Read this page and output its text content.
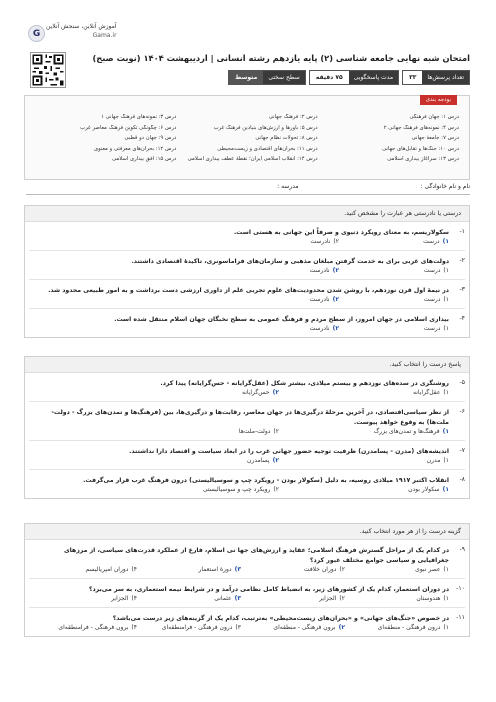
G
آموزش آنلاین، سنجش آنلاین
Gama.ir
امتحان شبه نهایی جامعه شناسی (۲) پایه یازدهم رشته انسانی | اردیبهشت ۱۴۰۴ (نوبت صبح)
تعداد پرسش‌ها
۳۳
مدت پاسخگویی
۷۵ دقیقه
سطح سختی
متوسط
بودجه بندی
درس ۱: جهان فرهنگی
درس ۲: فرهنگ جهانی
درس ۳: نمونه‌های فرهنگ جهانی ۱
درس ۴: نمونه‌های فرهنگ جهانی ۲
درس ۵: باورها و ارزش‌های بنیادین فرهنگ غرب
درس ۶: چگونگی تکوین فرهنگ معاصر غرب
درس ۷: جامعهٔ جهانی
درس ۸: تحولات نظام جهانی
درس ۹: جهان دو قطبی
درس ۱۰: جنگ‌ها و تقابل‌های جهانی
درس ۱۱: بحران‌های اقتصادی و زیست‌محیطی
درس ۱۲: بحران‌های معرفتی و معنوی
درس ۱۳: سرآغاز بیداری اسلامی
درس ۱۴: انقلاب اسلامی ایران؛ نقطهٔ عطف بیداری اسلامی
درس ۱۵: افق بیداری اسلامی
نام و نام خانوادگی : مدرسه :
درستی یا نادرستی هر عبارت را مشخص کنید.
-۱
سکولاریسم، به معنای رویکرد دنیوی و صرفاً این جهانی به هستی است.
۱)
درست
۲)
نادرست
-۲
دولت‌های غربی برای به خدمت گرفتن مبلغان مذهبی و سازمان‌های فراماسونری، تاکیدهٔ اقتصادی داشتند.
۱)
درست
۲)
نادرست
-۳
در نیمهٔ اول قرن نوزدهم، با روشن شدن محدودیت‌های علوم تجربی علم از داوری ارزشی دست برداشت و به امور طبیعی محدود شد.
۱)
درست
۲)
نادرست
-۴
بیداری اسلامی در جهان امروز، از سطح مردم و فرهنگ عمومی به سطح نخبگان جهان اسلام منتقل شده است.
۱)
درست
۲)
نادرست
پاسخ درست را انتخاب کنید.
-۵
روشنگری در سده‌های نوزدهم و بیستم میلادی، بیشتر شکل (عقل‌گرایانه - حس‌گرایانه) پیدا کرد.
۱)
عقل‌گرایانه
۲)
حس‌گرایانه
-۶
از نظر سیاسی‌اقتصادی، در آخرین مرحلهٔ درگیری‌ها در جهان معاصر، رقابت‌ها و درگیری‌ها، بین (فرهنگ‌ها و تمدن‌های بزرگ - دولت-ملت‌ها) به وقوع خواهد پیوست.
۱)
فرهنگ‌ها و تمدن‌های بزرگ
۲)
دولت-ملت‌ها
-۷
اندیشه‌های (مدرن - پسامدرن) ظرفیت توجیه حضور جهانی غرب را در ابعاد سیاست و اقتصاد دارا نداشتند.
۱)
مدرن
۲)
پسامدرن
-۸
انقلاب اکتبر ۱۹۱۷ میلادی روسیه، به دلیل (سکولار بودن - رویکرد چپ و سوسیالیستی) درون فرهنگ غرب قرار می‌گرفت.
۱)
سکولار بودن
۲)
رویکرد چپ و سوسیالیستی
گزینه درست را از هر مورد انتخاب کنید.
-۹
در کدام یک از مراحل گسترش فرهنگ اسلامی؛ عقاید و ارزش‌های جها نی اسلام، فارغ از عملکرد قدرت‌های سیاسی، از مرزهای جغرافیایی و سیاسی جوامع مختلف عبور کرد؟
۱)
عصر نبوی
۲)
دوران خلافت
۳)
دورهٔ استعمار
۴)
دوران امپریالیسم
-۱۰
در دوران استعمار، کدام یک از کشورهای زیر، به انضباط کامل نظامی درآمد و در شرایط نیمه استعماری، به سر می‌برد؟
۱)
هندوستان
۲)
الجزایر
۳)
عثمانی
۴)
الجزایر
-۱۱
در خصوص «جنگ‌های جهانی» و «بحران‌های زیست‌محیطی» به‌ترتیب، کدام یک از گزینه‌های زیر درست می‌باشد؟
۱)
درون فرهنگی - منطقه‌ای
۲)
برون فرهنگی - منطقه‌ای
۳)
درون فرهنگی - فرامنطقه‌ای
۴)
برون فرهنگی - فرامنطقه‌ای
